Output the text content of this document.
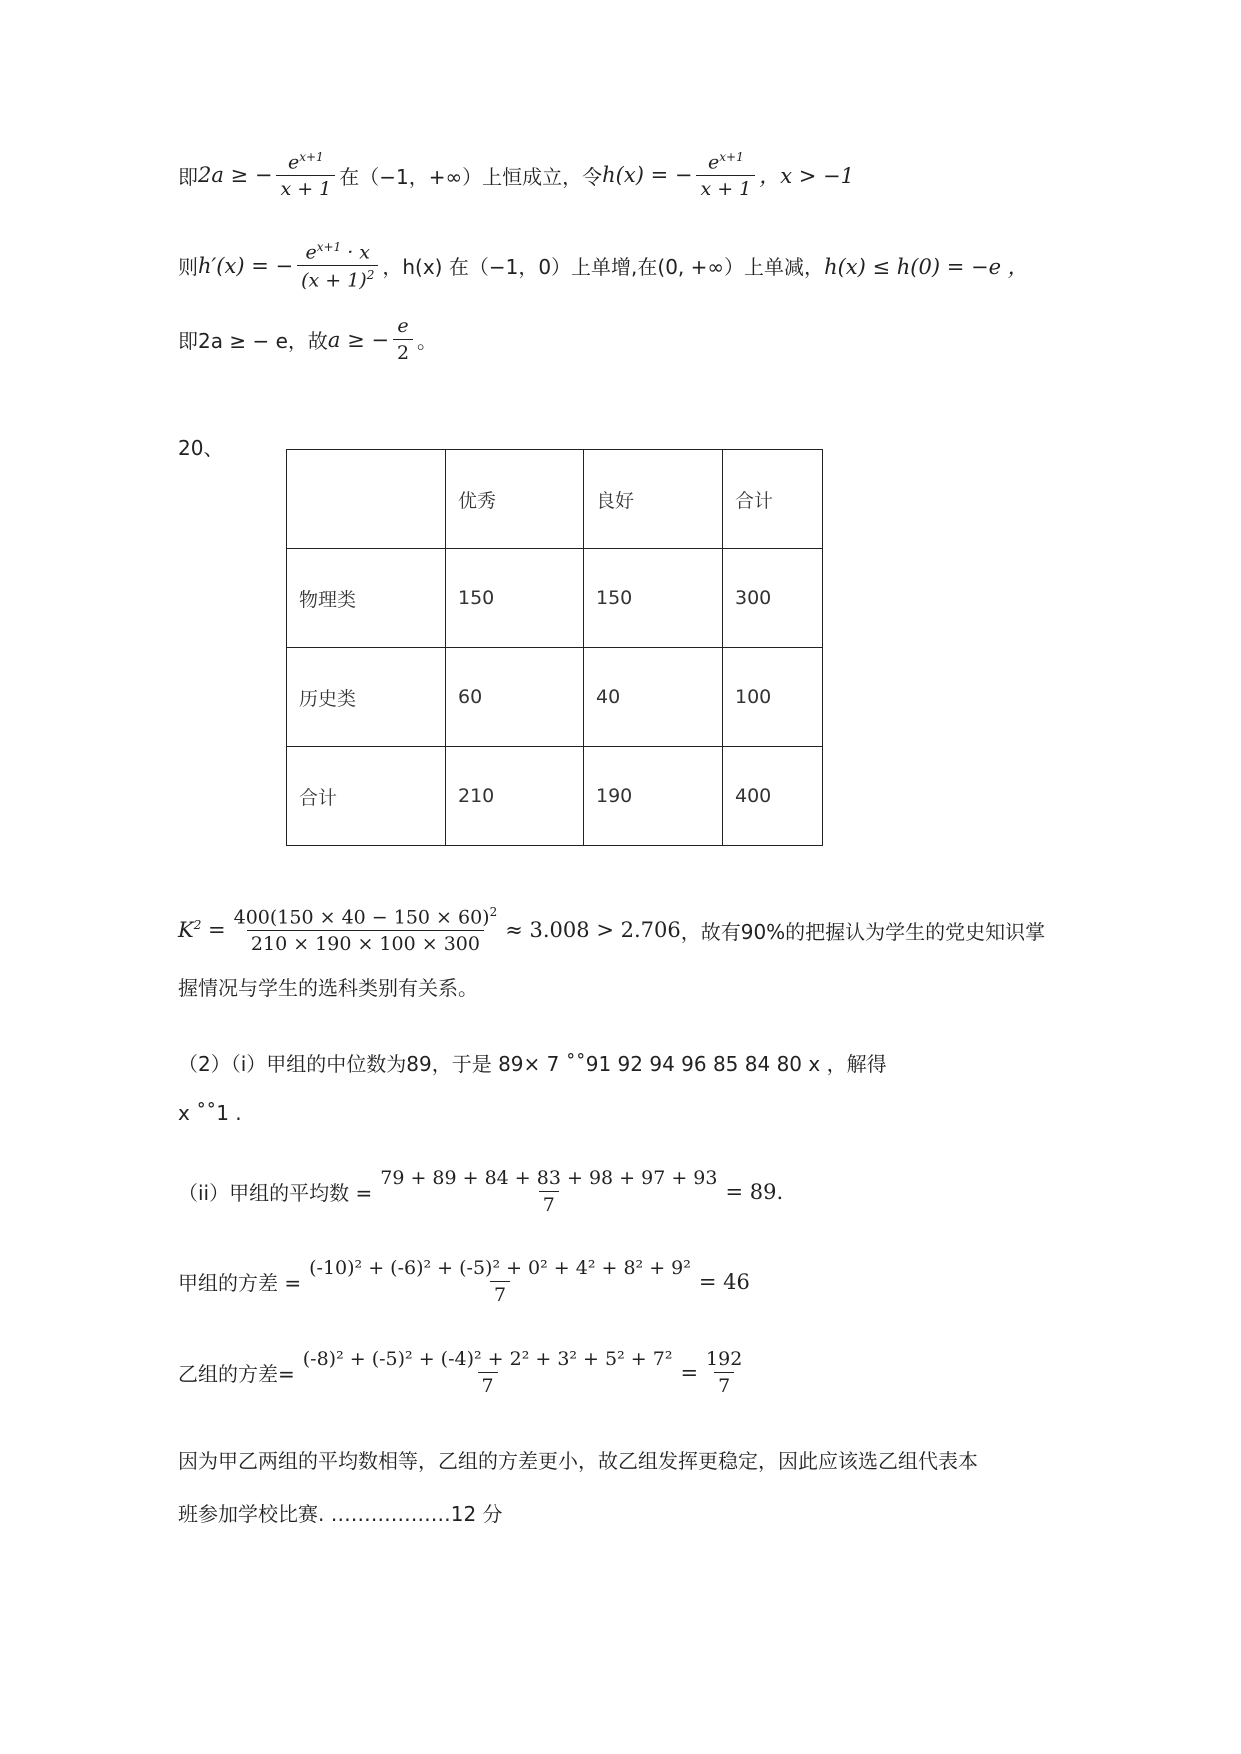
即 2a ≥ − $\frac{e^{x+1}}{x + 1}$ 在（−1，+∞）上恒成立，令 h(x) = − $\frac{e^{x+1}}{x + 1}$ ，x > −1
则 h′(x) = − $\frac{e^{x+1} \cdot x}{(x + 1)^2}$ ，h(x) 在（−1，0）上单增,在(0, +∞）上单减， h(x) ≤ h(0) = −e ，
即 2a ≥ − e，故 a ≥ − $\frac{e}{2}$ 。
20、
	优秀	良好	合计
物理类	150	150	300
历史类	60	40	100
合计	210	190	400
$K^2 = \frac{400(150 \times 40 - 150 \times 60)^2}{210 \times 190 \times 100 \times 300} \approx 3.008 > 2.706$ ，故有90%的把握认为学生的党史知识掌
握情况与学生的选科类别有关系。
（2）（i）甲组的中位数为89，于是 89× 7 ˚˚91 92 94 96 85 84 80 x ，解得
x ˚˚1 .
（ii）甲组的平均数 = $\frac{79 + 89 + 84 + 83 + 98 + 97 + 93}{7} = 89$.
甲组的方差 = $\frac{\text{(-10)² + (-6)² + (-5)² + 0² + 4² + 8² + 9²}}{7} = 46$
乙组的方差= $\frac{\text{(-8)² + (-5)² + (-4)² + 2² + 3² + 5² + 7²}}{7} = \frac{192}{7}$
因为甲乙两组的平均数相等，乙组的方差更小，故乙组发挥更稳定，因此应该选乙组代表本
班参加学校比赛. ………………12 分
